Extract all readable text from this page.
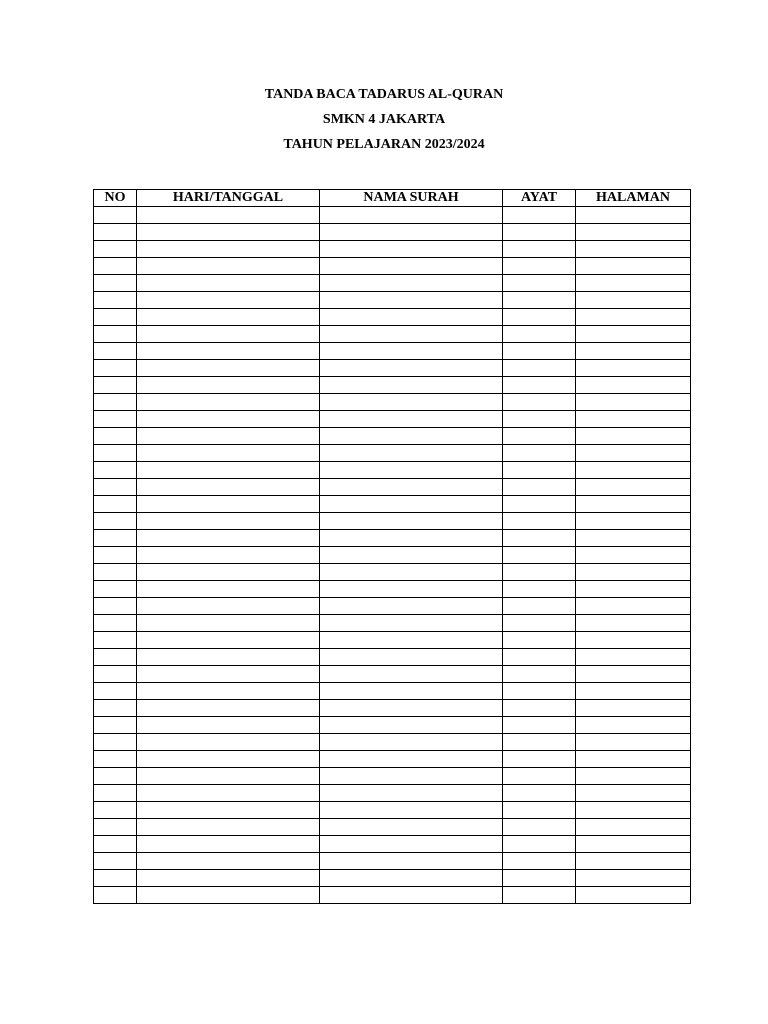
TANDA BACA TADARUS AL-QURAN
SMKN 4 JAKARTA
TAHUN PELAJARAN 2023/2024
NO	HARI/TANGGAL	NAMA SURAH	AYAT	HALAMAN
